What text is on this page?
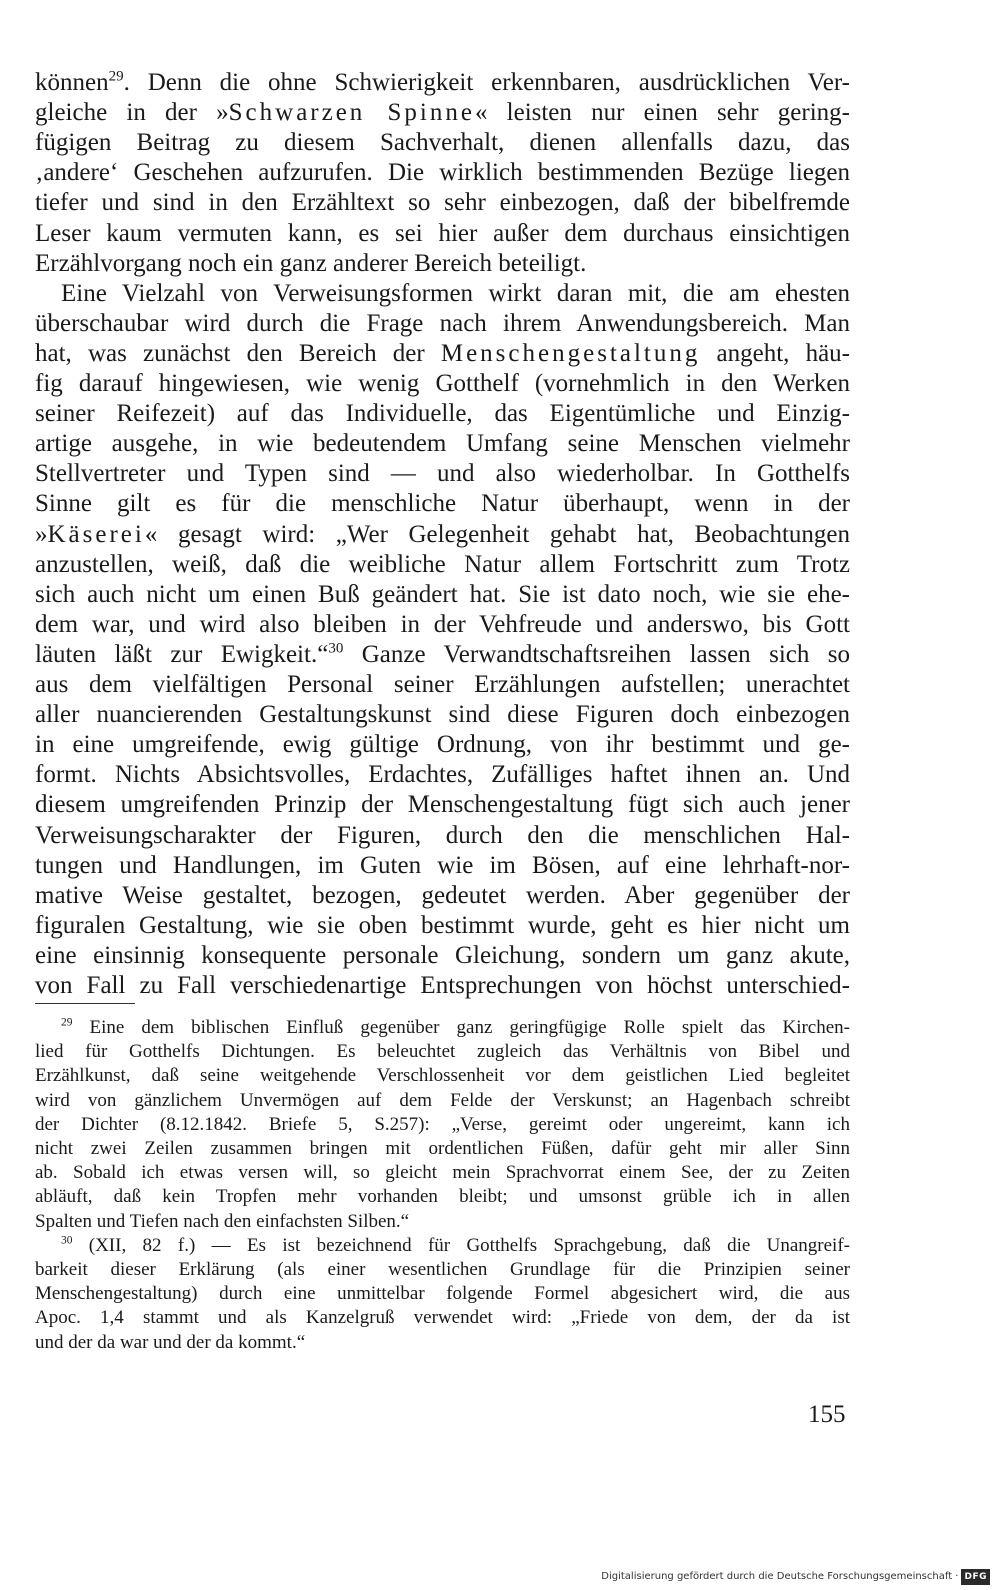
können$^{29}$. Denn die ohne Schwierigkeit erkennbaren, ausdrücklichen Ver-
gleiche in der »Schwarzen Spinne« leisten nur einen sehr gering-
fügigen Beitrag zu diesem Sachverhalt, dienen allenfalls dazu, das
‚andere‘ Geschehen aufzurufen. Die wirklich bestimmenden Bezüge liegen
tiefer und sind in den Erzähltext so sehr einbezogen, daß der bibelfremde
Leser kaum vermuten kann, es sei hier außer dem durchaus einsichtigen
Erzählvorgang noch ein ganz anderer Bereich beteiligt.
Eine Vielzahl von Verweisungsformen wirkt daran mit, die am ehesten
überschaubar wird durch die Frage nach ihrem Anwendungsbereich. Man
hat, was zunächst den Bereich der Menschengestaltung angeht, häu-
fig darauf hingewiesen, wie wenig Gotthelf (vornehmlich in den Werken
seiner Reifezeit) auf das Individuelle, das Eigentümliche und Einzig-
artige ausgehe, in wie bedeutendem Umfang seine Menschen vielmehr
Stellvertreter und Typen sind — und also wiederholbar. In Gotthelfs
Sinne gilt es für die menschliche Natur überhaupt, wenn in der
»Käserei« gesagt wird: „Wer Gelegenheit gehabt hat, Beobachtungen
anzustellen, weiß, daß die weibliche Natur allem Fortschritt zum Trotz
sich auch nicht um einen Buß geändert hat. Sie ist dato noch, wie sie ehe-
dem war, und wird also bleiben in der Vehfreude und anderswo, bis Gott
läuten läßt zur Ewigkeit.“$^{30}$ Ganze Verwandtschaftsreihen lassen sich so
aus dem vielfältigen Personal seiner Erzählungen aufstellen; unerachtet
aller nuancierenden Gestaltungskunst sind diese Figuren doch einbezogen
in eine umgreifende, ewig gültige Ordnung, von ihr bestimmt und ge-
formt. Nichts Absichtsvolles, Erdachtes, Zufälliges haftet ihnen an. Und
diesem umgreifenden Prinzip der Menschengestaltung fügt sich auch jener
Verweisungscharakter der Figuren, durch den die menschlichen Hal-
tungen und Handlungen, im Guten wie im Bösen, auf eine lehrhaft-nor-
mative Weise gestaltet, bezogen, gedeutet werden. Aber gegenüber der
figuralen Gestaltung, wie sie oben bestimmt wurde, geht es hier nicht um
eine einsinnig konsequente personale Gleichung, sondern um ganz akute,
von Fall zu Fall verschiedenartige Entsprechungen von höchst unterschied-
$^{29}$ Eine dem biblischen Einfluß gegenüber ganz geringfügige Rolle spielt das Kirchen-
lied für Gotthelfs Dichtungen. Es beleuchtet zugleich das Verhältnis von Bibel und
Erzählkunst, daß seine weitgehende Verschlossenheit vor dem geistlichen Lied begleitet
wird von gänzlichem Unvermögen auf dem Felde der Verskunst; an Hagenbach schreibt
der Dichter (8.12.1842. Briefe 5, S.257): „Verse, gereimt oder ungereimt, kann ich
nicht zwei Zeilen zusammen bringen mit ordentlichen Füßen, dafür geht mir aller Sinn
ab. Sobald ich etwas versen will, so gleicht mein Sprachvorrat einem See, der zu Zeiten
abläuft, daß kein Tropfen mehr vorhanden bleibt; und umsonst grüble ich in allen
Spalten und Tiefen nach den einfachsten Silben.“
$^{30}$ (XII, 82 f.) — Es ist bezeichnend für Gotthelfs Sprachgebung, daß die Unangreif-
barkeit dieser Erklärung (als einer wesentlichen Grundlage für die Prinzipien seiner
Menschengestaltung) durch eine unmittelbar folgende Formel abgesichert wird, die aus
Apoc. 1,4 stammt und als Kanzelgruß verwendet wird: „Friede von dem, der da ist
und der da war und der da kommt.“
155
Digitalisierung gefördert durch die Deutsche Forschungsgemeinschaft · DFG
